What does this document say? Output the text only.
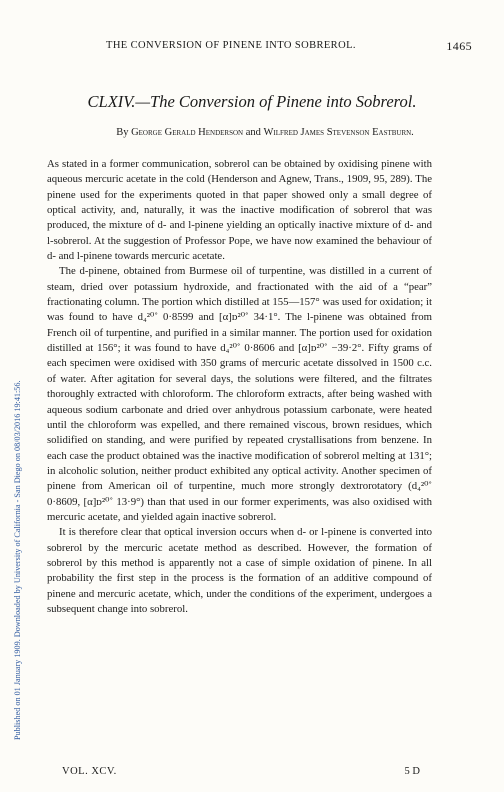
Published on 01 January 1909. Downloaded by University of California - San Diego on 08/03/2016 19:41:56.
THE CONVERSION OF PINENE INTO SOBREROL.	1465
CLXIV.—The Conversion of Pinene into Sobrerol.
By George Gerald Henderson and Wilfred James Stevenson Eastburn.

As stated in a former communication, sobrerol can be obtained by oxidising pinene with aqueous mercuric acetate in the cold (Henderson and Agnew, Trans., 1909, 95, 289). The pinene used for the experiments quoted in that paper showed only a small degree of optical activity, and, naturally, it was the inactive modification of sobrerol that was produced, the mixture of d- and l-pinene yielding an optically inactive mixture of d- and l-sobrerol. At the suggestion of Professor Pope, we have now examined the behaviour of d- and l-pinene towards mercuric acetate.

The d-pinene, obtained from Burmese oil of turpentine, was distilled in a current of steam, dried over potassium hydroxide, and fractionated with the aid of a “pear” fractionating column. The portion which distilled at 155—157° was used for oxidation; it was found to have d₄²⁰˚ 0·8599 and [α]ᴅ²⁰˚ 34·1°. The l-pinene was obtained from French oil of turpentine, and purified in a similar manner. The portion used for oxidation distilled at 156°; it was found to have d₄²⁰˚ 0·8606 and [α]ᴅ²⁰˚ −39·2°. Fifty grams of each specimen were oxidised with 350 grams of mercuric acetate dissolved in 1500 c.c. of water. After agitation for several days, the solutions were filtered, and the filtrates thoroughly extracted with chloroform. The chloroform extracts, after being washed with aqueous sodium carbonate and dried over anhydrous potassium carbonate, were heated until the chloroform was expelled, and there remained viscous, brown residues, which solidified on standing, and were purified by repeated crystallisations from benzene. In each case the product obtained was the inactive modification of sobrerol melting at 131°; in alcoholic solution, neither product exhibited any optical activity. Another specimen of pinene from American oil of turpentine, much more strongly dextrorotatory (d₄²⁰˚ 0·8609, [α]ᴅ²⁰˚ 13·9°) than that used in our former experiments, was also oxidised with mercuric acetate, and yielded again inactive sobrerol.

It is therefore clear that optical inversion occurs when d- or l-pinene is converted into sobrerol by the mercuric acetate method as described. However, the formation of sobrerol by this method is apparently not a case of simple oxidation of pinene. In all probability the first step in the process is the formation of an additive compound of pinene and mercuric acetate, which, under the conditions of the experiment, undergoes a subsequent change into sobrerol.

VOL. XCV.	5 D
